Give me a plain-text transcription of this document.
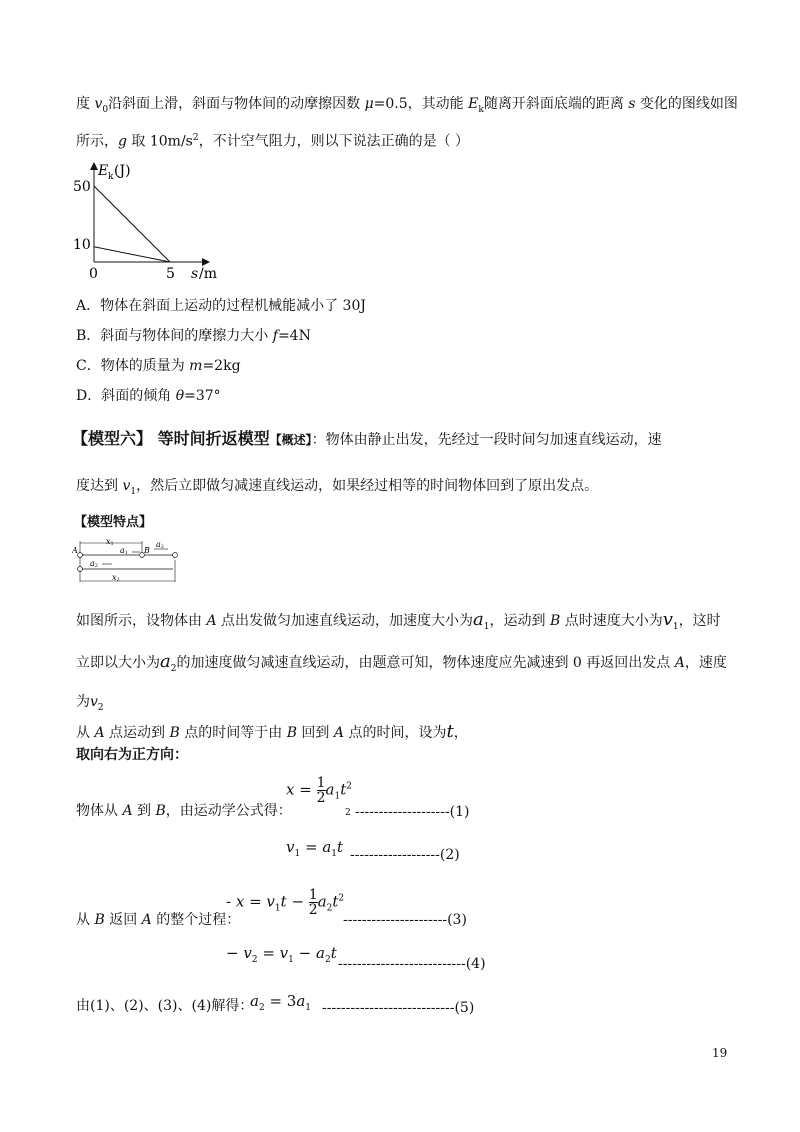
度 $v_0$沿斜面上滑，斜面与物体间的动摩擦因数 μ=0.5，其动能 $E_k$随离开斜面底端的距离 s 变化的图线如图
所示，g 取 $10m/s^2$，不计空气阻力，则以下说法正确的是（ ）
E k (J)
50
10
0	5 s /m
A．物体在斜面上运动的过程机械能减小了 30J
B．斜面与物体间的摩擦力大小 f=4N
C．物体的质量为 m=2kg
D．斜面的倾角 θ=37°
【模型六】 等时间折返模型【概述】：物体由静止出发，先经过一段时间匀加速直线运动，速
度达到 $v_1$，然后立即做匀减速直线运动，如果经过相等的时间物体回到了原出发点。
【模型特点】
A	B
x1
a1
a2
a2
x2
如图所示，设物体由 A 点出发做匀加速直线运动，加速度大小为$a_1$，运动到 B 点时速度大小为$v_1$，这时
立即以大小为$a_2$的加速度做匀减速直线运动，由题意可知，物体速度应先减速到 0 再返回出发点 A，速度
为$v_2$
从 A 点运动到 B 点的时间等于由 B 回到 A 点的时间，设为t，
取向右为正方向：
$x = \frac{1}{2} a_1t^2$
2
物体从 A 到 B，由运动学公式得：	--------------------(1)
$v_1 = a_1t$ -------------------(2)
- $x = v_1t - \frac{1}{2} a_2t^2$
从 B 返回 A 的整个过程：	----------------------(3)
− $v_2 = v_1 - a_2t$
---------------------------(4)
由(1)、(2)、(3)、(4)解得：
$a_2 = 3a_1$ ----------------------------(5)
19
